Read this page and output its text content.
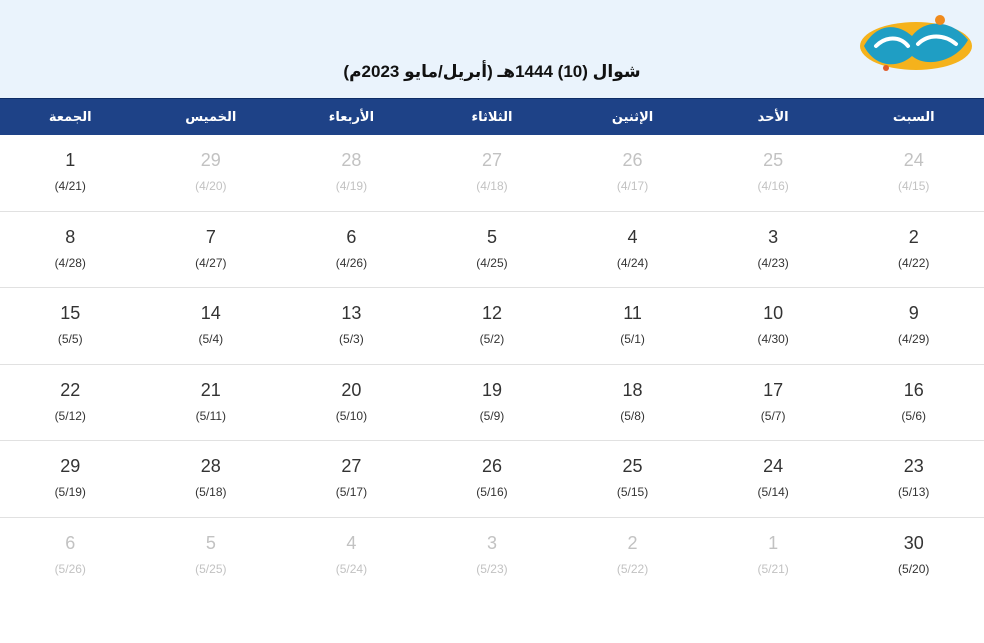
شوال (10) 1444هـ (أبريل/مايو 2023م)
السبت
الأحد
الإثنين
الثلاثاء
الأربعاء
الخميس
الجمعة
24
(4/15)
25
(4/16)
26
(4/17)
27
(4/18)
28
(4/19)
29
(4/20)
1
(4/21)
2
(4/22)
3
(4/23)
4
(4/24)
5
(4/25)
6
(4/26)
7
(4/27)
8
(4/28)
9
(4/29)
10
(4/30)
11
(5/1)
12
(5/2)
13
(5/3)
14
(5/4)
15
(5/5)
16
(5/6)
17
(5/7)
18
(5/8)
19
(5/9)
20
(5/10)
21
(5/11)
22
(5/12)
23
(5/13)
24
(5/14)
25
(5/15)
26
(5/16)
27
(5/17)
28
(5/18)
29
(5/19)
30
(5/20)
1
(5/21)
2
(5/22)
3
(5/23)
4
(5/24)
5
(5/25)
6
(5/26)
